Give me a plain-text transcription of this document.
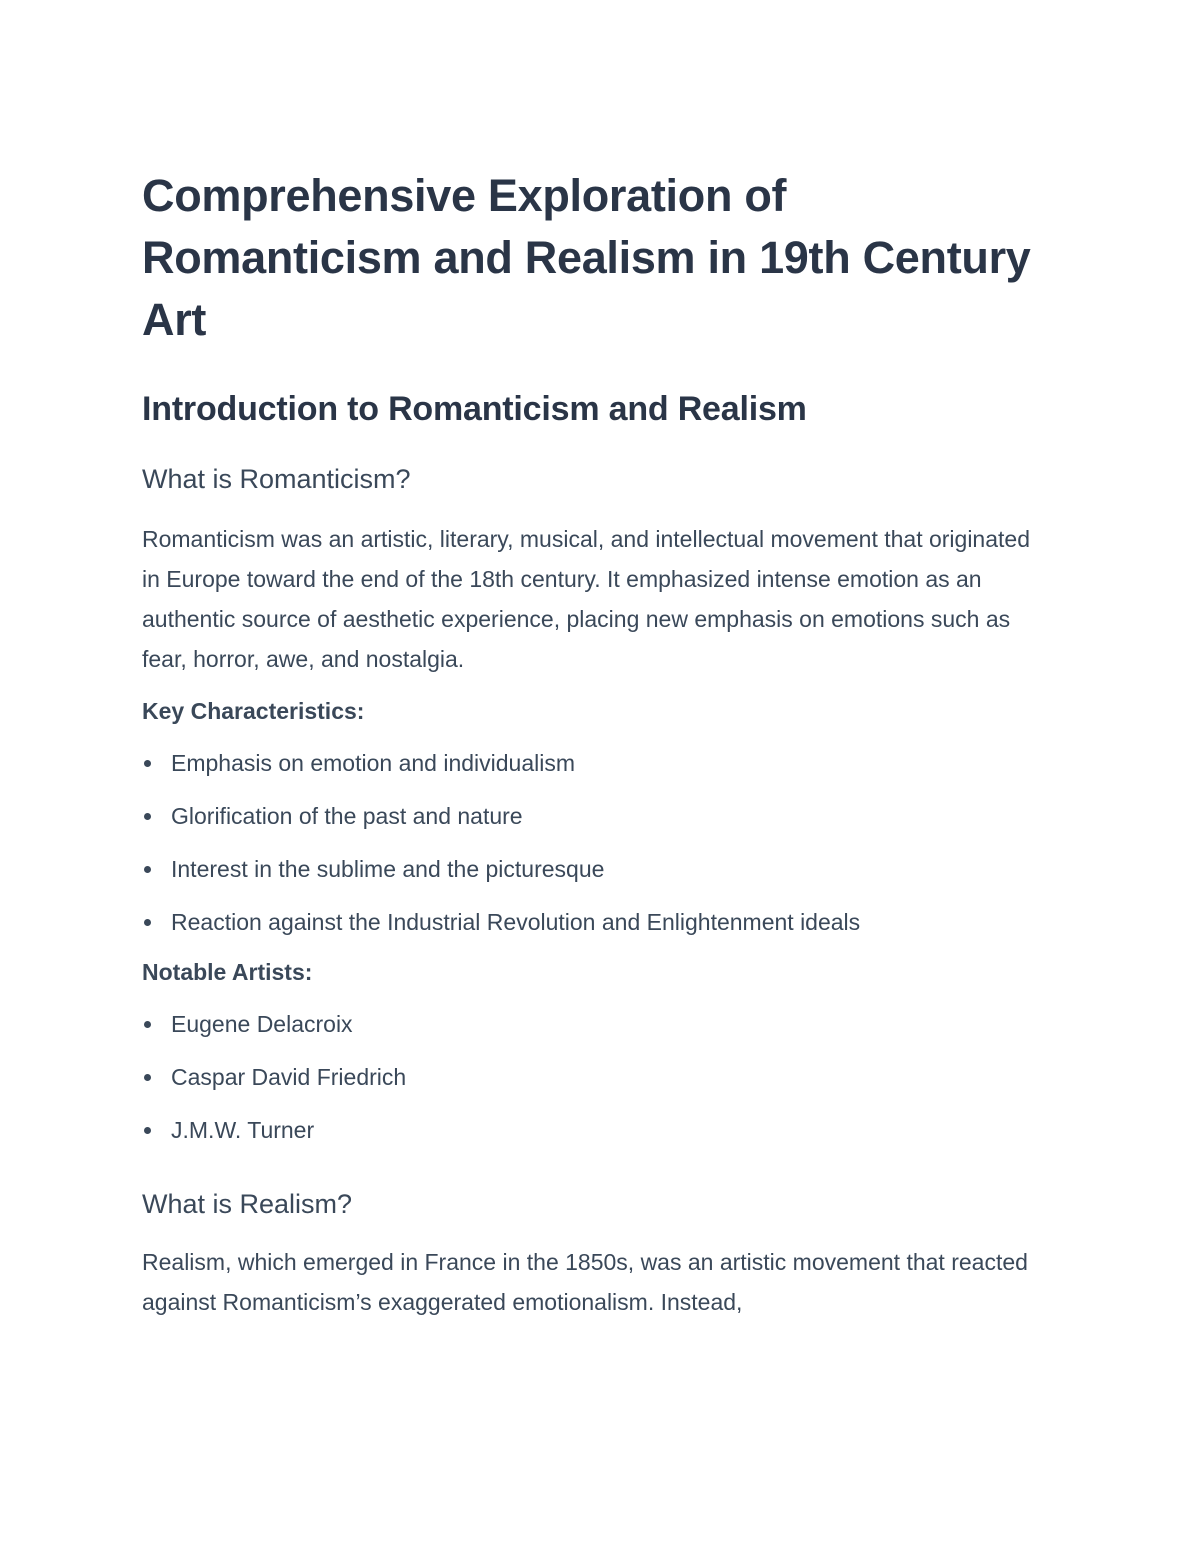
Comprehensive Exploration of Romanticism and Realism in 19th Century Art
Introduction to Romanticism and Realism
What is Romanticism?

Romanticism was an artistic, literary, musical, and intellectual movement that originated in Europe toward the end of the 18th century. It emphasized intense emotion as an authentic source of aesthetic experience, placing new emphasis on emotions such as fear, horror, awe, and nostalgia.

Key Characteristics:
Emphasis on emotion and individualism
Glorification of the past and nature
Interest in the sublime and the picturesque
Reaction against the Industrial Revolution and Enlightenment ideals
Notable Artists:
Eugene Delacroix
Caspar David Friedrich
J.M.W. Turner
What is Realism?

Realism, which emerged in France in the 1850s, was an artistic movement that reacted against Romanticism’s exaggerated emotionalism. Instead,
